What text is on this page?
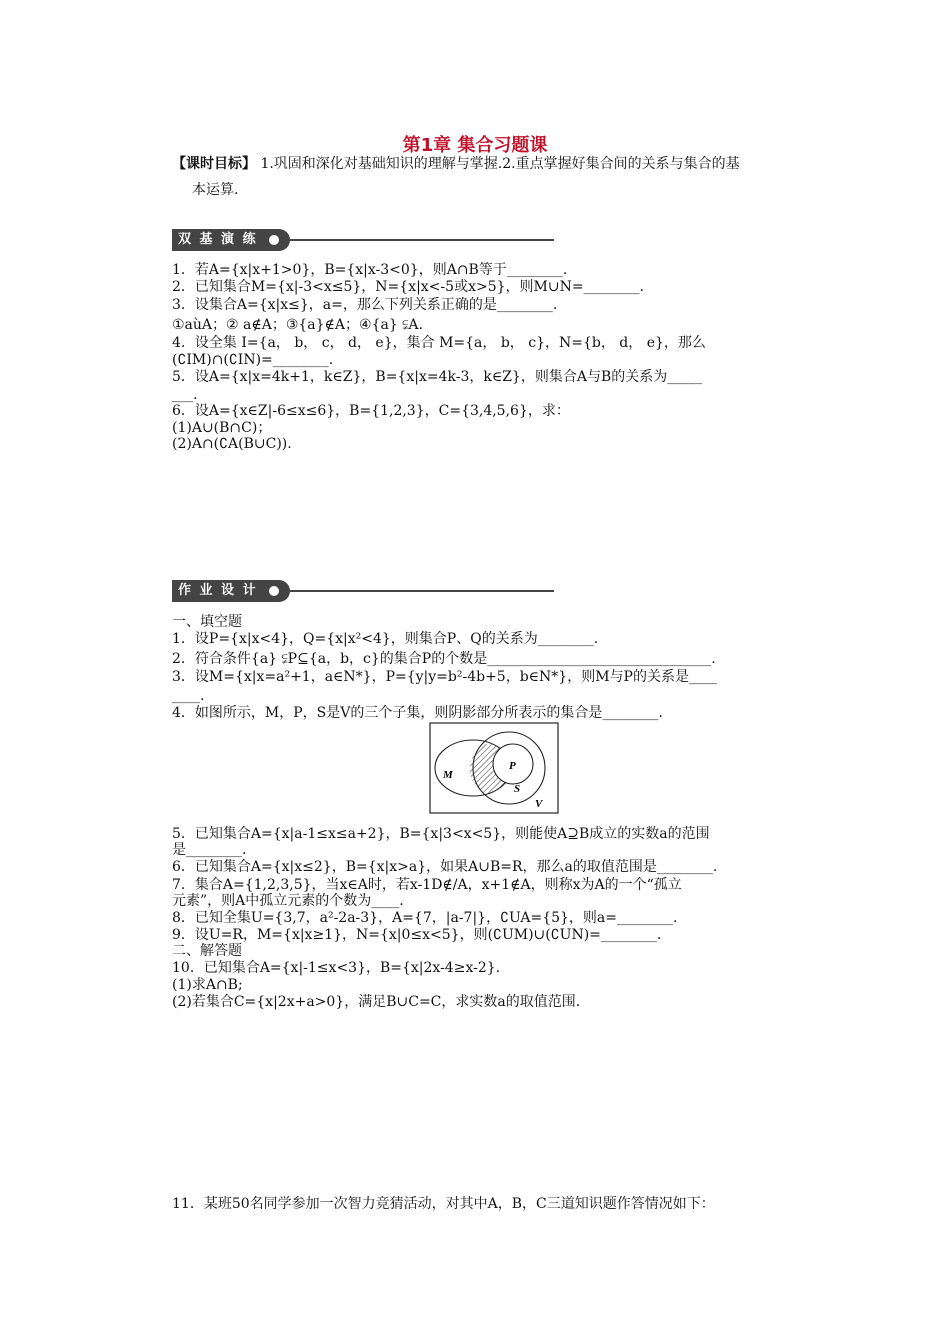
第1章 集合习题课
【课时目标】 1.巩固和深化对基础知识的理解与掌握.2.重点掌握好集合间的关系与集合的基
本运算.
双 基 演 练
1．若A={x|x+1>0}，B={x|x-3<0}，则A∩B等于________.
2．已知集合M={x|-3<x≤5}，N={x|x<-5或x>5}，则M∪N=________.
3．设集合A={x|x≤}，a=，那么下列关系正确的是________.
①aùA；② a∉A；③{a}∉A；④{a} ⫋A.
4．设全集 I={a， b， c， d， e}，集合 M={a， b， c}，N={b， d， e}，那么
(∁IM)∩(∁IN)=________.
5．设A={x|x=4k+1，k∈Z}，B={x|x=4k-3，k∈Z}，则集合A与B的关系为_____
___.
6．设A={x∈Z|-6≤x≤6}，B={1,2,3}，C={3,4,5,6}，求：
(1)A∪(B∩C)；
(2)A∩(∁A(B∪C)).
作 业 设 计
一、填空题
1．设P={x|x<4}，Q={x|x²<4}，则集合P、Q的关系为________.
2．符合条件{a} ⫋P⊆{a，b，c}的集合P的个数是________________________________.
3．设M={x|x=a²+1，a∈N*}，P={y|y=b²-4b+5，b∈N*}，则M与P的关系是____
____.
4．如图所示，M，P，S是V的三个子集，则阴影部分所表示的集合是________.
M
P
S
V
5．已知集合A={x|a-1≤x≤a+2}，B={x|3<x<5}，则能使A⊇B成立的实数a的范围
是________.
6．已知集合A={x|x≤2}，B={x|x>a}，如果A∪B=R，那么a的取值范围是________.
7．集合A={1,2,3,5}，当x∈A时，若x-1D∉/A，x+1∉A，则称x为A的一个“孤立
元素”，则A中孤立元素的个数为____.
8．已知全集U={3,7，a²-2a-3}，A={7，|a-7|}，∁UA={5}，则a=________.
9．设U=R，M={x|x≥1}，N={x|0≤x<5}，则(∁UM)∪(∁UN)=________.
二、解答题
10．已知集合A={x|-1≤x<3}，B={x|2x-4≥x-2}.
(1)求A∩B;
(2)若集合C={x|2x+a>0}，满足B∪C=C，求实数a的取值范围.
11．某班50名同学参加一次智力竞猜活动，对其中A，B，C三道知识题作答情况如下：
